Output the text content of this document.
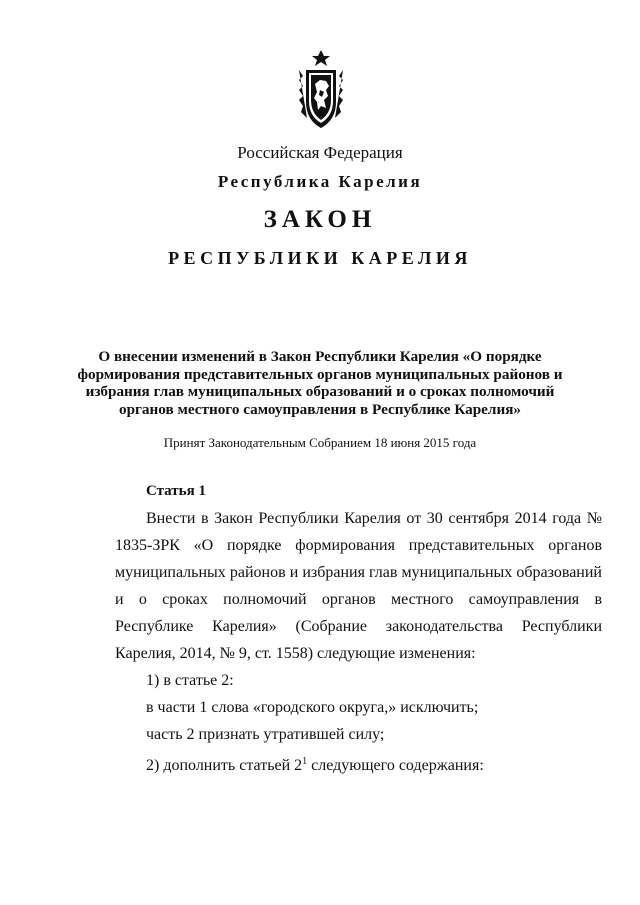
Российская Федерация
Республика Карелия
ЗАКОН
РЕСПУБЛИКИ КАРЕЛИЯ
О внесении изменений в Закон Республики Карелия «О порядке
формирования представительных органов муниципальных районов и
избрания глав муниципальных образований и о сроках полномочий
органов местного самоуправления в Республике Карелия»
Принят Законодательным Собранием 18 июня 2015 года
Статья 1

Внести в Закон Республики Карелия от 30 сентября 2014 года № 1835-ЗРК «О порядке формирования представительных органов муниципальных районов и избрания глав муниципальных образований и о сроках полномочий органов местного самоуправления в Республике Карелия» (Собрание законодательства Республики Карелия, 2014, № 9, ст. 1558) следующие изменения:

1) в статье 2:

в части 1 слова «городского округа,» исключить;

часть 2 признать утратившей силу;

2) дополнить статьей $2^1$ следующего содержания:
